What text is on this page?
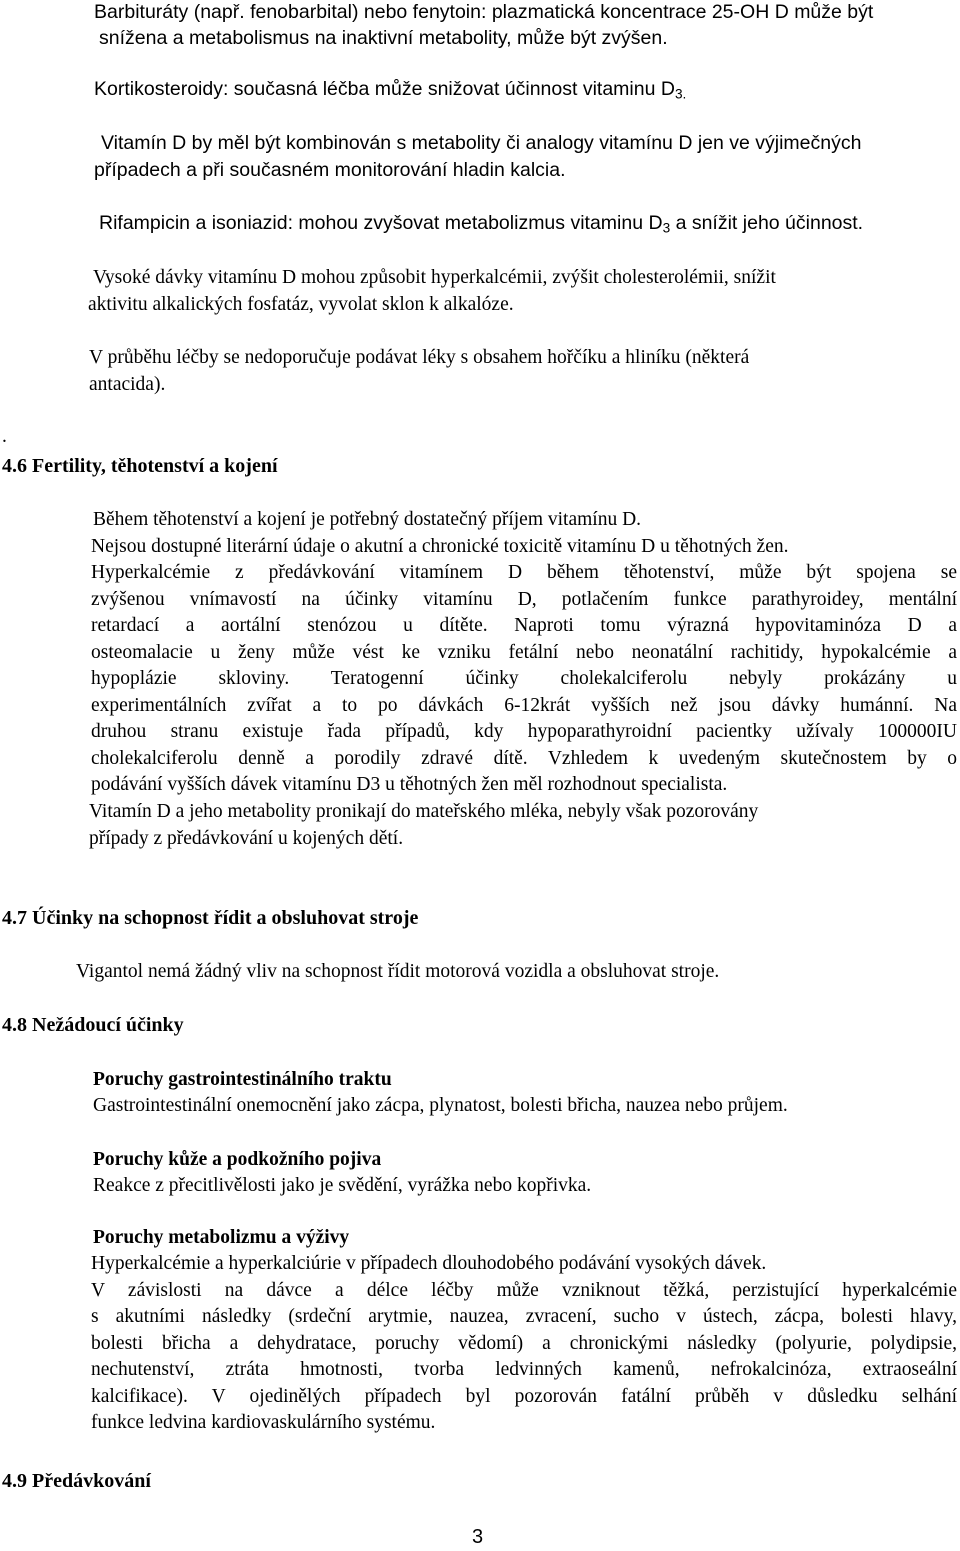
Barbituráty (např. fenobarbital) nebo fenytoin: plazmatická koncentrace 25-OH D může být
snížena a metabolismus na inaktivní metabolity, může být zvýšen.
Kortikosteroidy: současná léčba může snižovat účinnost vitaminu $D_{3.}$
Vitamín D by měl být kombinován s metabolity či analogy vitamínu D jen ve výjimečných
případech a při současném monitorování hladin kalcia.
Rifampicin a isoniazid: mohou zvyšovat metabolizmus vitaminu $D_3$ a snížit jeho účinnost.
Vysoké dávky vitamínu D mohou způsobit hyperkalcémii, zvýšit cholesterolémii, snížit
aktivitu alkalických fosfatáz, vyvolat sklon k alkalóze.
V průběhu léčby se nedoporučuje podávat léky s obsahem hořčíku a hliníku (některá
antacida).
.
4.6 Fertility, těhotenství a kojení
Během těhotenství a kojení je potřebný dostatečný příjem vitamínu D.
Nejsou dostupné literární údaje o akutní a chronické toxicitě vitamínu D u těhotných žen.
Hyperkalcémie z předávkování vitamínem D během těhotenství, může být spojena se
zvýšenou vnímavostí na účinky vitamínu D, potlačením funkce parathyroidey, mentální
retardací a aortální stenózou u dítěte. Naproti tomu výrazná hypovitaminóza D a
osteomalacie u ženy může vést ke vzniku fetální nebo neonatální rachitidy, hypokalcémie a
hypoplázie skloviny. Teratogenní účinky cholekalciferolu nebyly prokázány u
experimentálních zvířat a to po dávkách 6-12krát vyšších než jsou dávky humánní. Na
druhou stranu existuje řada případů, kdy hypoparathyroidní pacientky užívaly 100000IU
cholekalciferolu denně a porodily zdravé dítě. Vzhledem k uvedeným skutečnostem by o
podávání vyšších dávek vitamínu D3 u těhotných žen měl rozhodnout specialista.
Vitamín D a jeho metabolity pronikají do mateřského mléka, nebyly však pozorovány
případy z předávkování u kojených dětí.
4.7 Účinky na schopnost řídit a obsluhovat stroje
Vigantol nemá žádný vliv na schopnost řídit motorová vozidla a obsluhovat stroje.
4.8 Nežádoucí účinky
Poruchy gastrointestinálního traktu
Gastrointestinální onemocnění jako zácpa, plynatost, bolesti břicha, nauzea nebo průjem.
Poruchy kůže a podkožního pojiva
Reakce z přecitlivělosti jako je svědění, vyrážka nebo kopřivka.
Poruchy metabolizmu a výživy
Hyperkalcémie a hyperkalciúrie v případech dlouhodobého podávání vysokých dávek.
V závislosti na dávce a délce léčby může vzniknout těžká, perzistující hyperkalcémie
s akutními následky (srdeční arytmie, nauzea, zvracení, sucho v ústech, zácpa, bolesti hlavy,
bolesti břicha a dehydratace, poruchy vědomí) a chronickými následky (polyurie, polydipsie,
nechutenství, ztráta hmotnosti, tvorba ledvinných kamenů, nefrokalcinóza, extraoseální
kalcifikace). V ojedinělých případech byl pozorován fatální průběh v důsledku selhání
funkce ledvina kardiovaskulárního systému.
4.9 Předávkování
3
